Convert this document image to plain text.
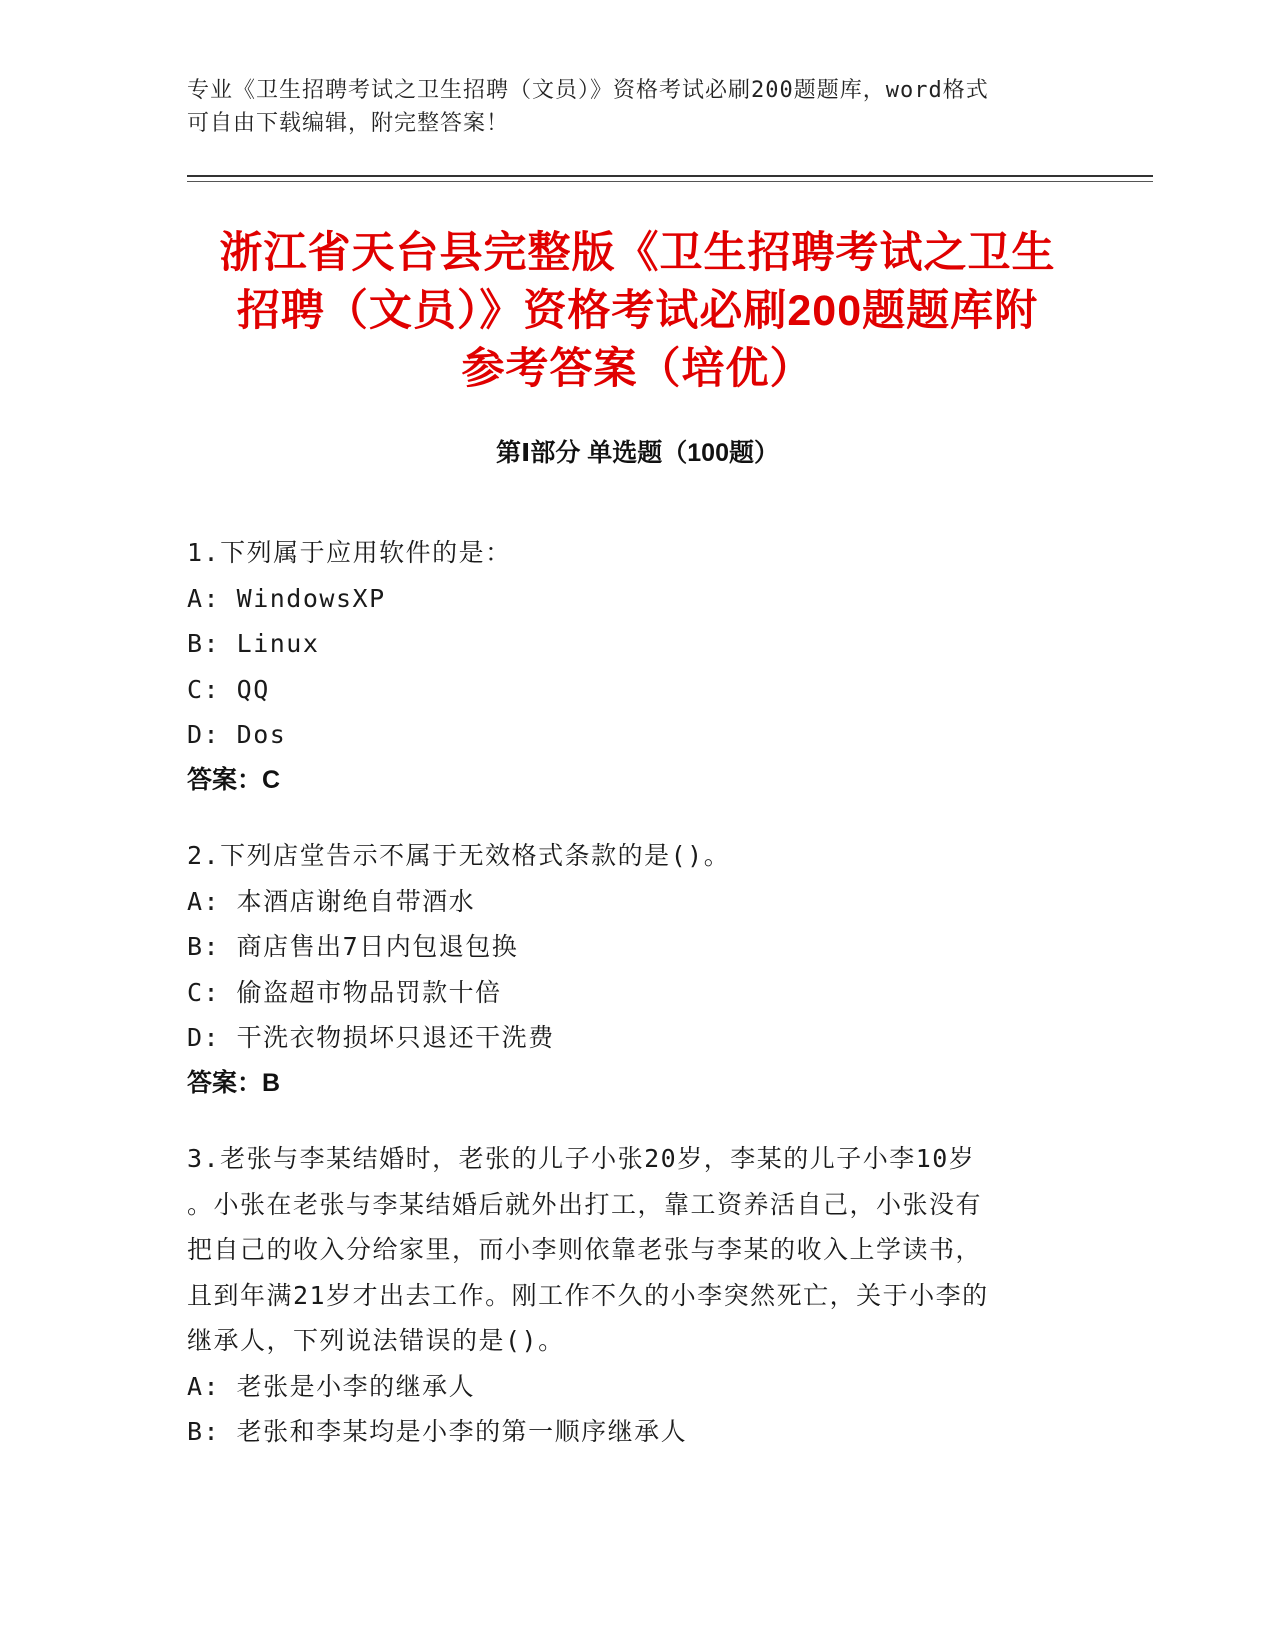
专业《卫生招聘考试之卫生招聘（文员）》资格考试必刷200题题库，word格式
可自由下载编辑，附完整答案！
浙江省天台县完整版《卫生招聘考试之卫生
招聘（文员）》资格考试必刷200题题库附
参考答案（培优）
第Ⅰ部分 单选题（100题）
1.下列属于应用软件的是：
A: WindowsXP
B: Linux
C: QQ
D: Dos
答案：C
2.下列店堂告示不属于无效格式条款的是()。
A: 本酒店谢绝自带酒水
B: 商店售出7日内包退包换
C: 偷盗超市物品罚款十倍
D: 干洗衣物损坏只退还干洗费
答案：B
3.老张与李某结婚时，老张的儿子小张20岁，李某的儿子小李10岁
。小张在老张与李某结婚后就外出打工，靠工资养活自己，小张没有
把自己的收入分给家里，而小李则依靠老张与李某的收入上学读书，
且到年满21岁才出去工作。刚工作不久的小李突然死亡，关于小李的
继承人，下列说法错误的是()。
A: 老张是小李的继承人
B: 老张和李某均是小李的第一顺序继承人
